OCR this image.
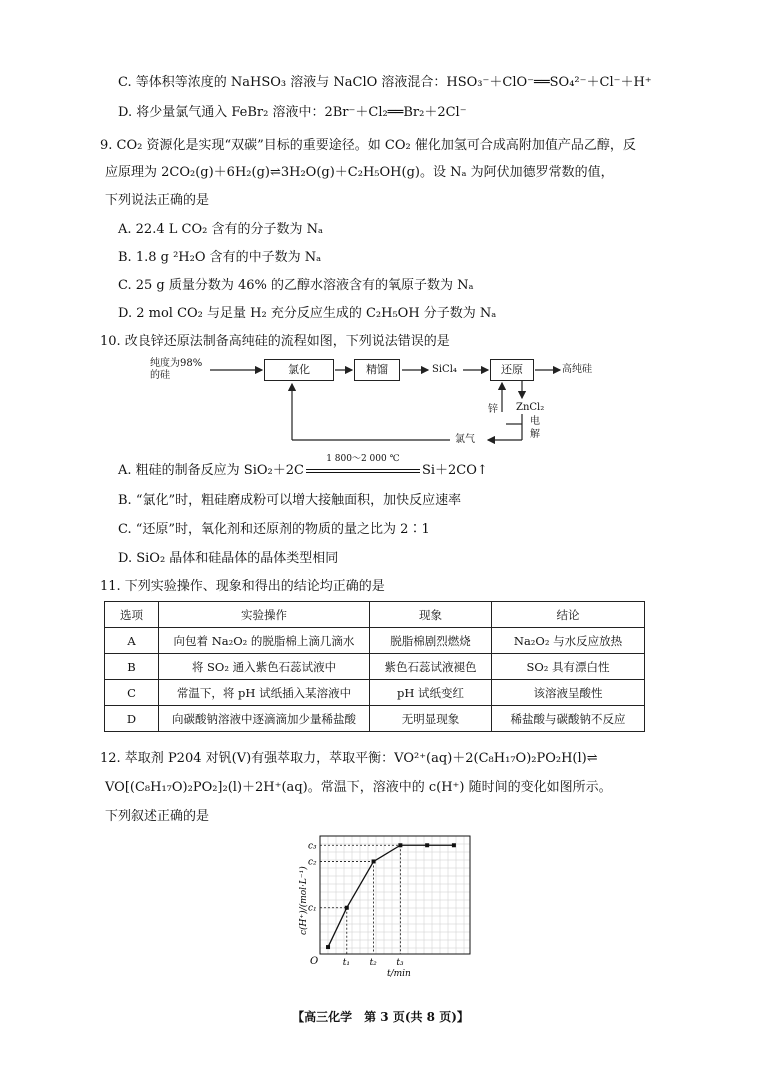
C. 等体积等浓度的 NaHSO₃ 溶液与 NaClO 溶液混合：HSO₃⁻＋ClO⁻══SO₄²⁻＋Cl⁻＋H⁺
D. 将少量氯气通入 FeBr₂ 溶液中：2Br⁻＋Cl₂══Br₂＋2Cl⁻
9. CO₂ 资源化是实现“双碳”目标的重要途径。如 CO₂ 催化加氢可合成高附加值产品乙醇，反
应原理为 2CO₂(g)＋6H₂(g)⇌3H₂O(g)＋C₂H₅OH(g)。设 Nₐ 为阿伏加德罗常数的值，
下列说法正确的是
A. 22.4 L CO₂ 含有的分子数为 Nₐ
B. 1.8 g ²H₂O 含有的中子数为 Nₐ
C. 25 g 质量分数为 46% 的乙醇水溶液含有的氧原子数为 Nₐ
D. 2 mol CO₂ 与足量 H₂ 充分反应生成的 C₂H₅OH 分子数为 Nₐ
10. 改良锌还原法制备高纯硅的流程如图，下列说法错误的是
纯度为98%
的硅	氯化	精馏	SiCl₄	还原	高纯硅
锌 ZnCl₂
电
解
氯气
A. 粗硅的制备反应为 SiO₂＋2C
1 800～2 000 ℃
Si＋2CO↑
B. “氯化”时，粗硅磨成粉可以增大接触面积，加快反应速率
C. “还原”时，氧化剂和还原剂的物质的量之比为 2∶1
D. SiO₂ 晶体和硅晶体的晶体类型相同
11. 下列实验操作、现象和得出的结论均正确的是
选项	实验操作	现象	结论
A	向包着 Na₂O₂ 的脱脂棉上滴几滴水	脱脂棉剧烈燃烧	Na₂O₂ 与水反应放热
B	将 SO₂ 通入紫色石蕊试液中	紫色石蕊试液褪色	SO₂ 具有漂白性
C	常温下，将 pH 试纸插入某溶液中	pH 试纸变红	该溶液呈酸性
D	向碳酸钠溶液中逐滴滴加少量稀盐酸	无明显现象	稀盐酸与碳酸钠不反应
12. 萃取剂 P204 对钒(Ⅴ)有强萃取力，萃取平衡：VO²⁺(aq)＋2(C₈H₁₇O)₂PO₂H(l)⇌
VO[(C₈H₁₇O)₂PO₂]₂(l)＋2H⁺(aq)。常温下，溶液中的 c(H⁺) 随时间的变化如图所示。
下列叙述正确的是
t₁
c₁
t₂
c₂
t₃
c₃
c(H⁺)/(mol·L⁻¹)
t/min
O
【高三化学　第 3 页(共 8 页)】
